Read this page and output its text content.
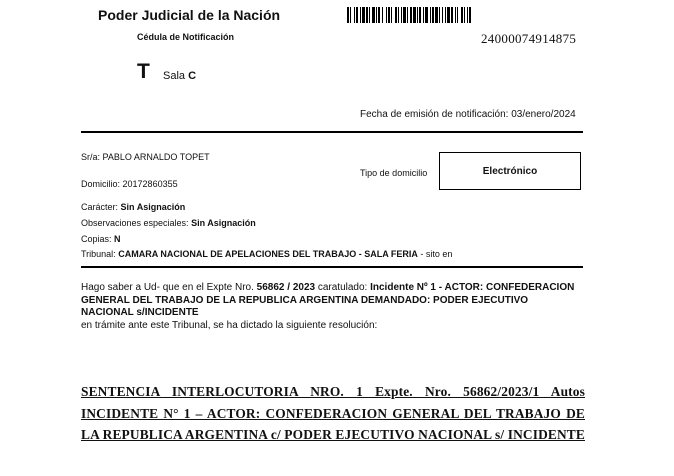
Poder Judicial de la Nación
Cédula de Notificación	24000074914875
T Sala C
Fecha de emisión de notificación: 03/enero/2024
Sr/a: PABLO ARNALDO TOPET
Domicilio: 20172860355
Tipo de domicilio	Electrónico
Carácter: Sin Asignación
Observaciones especiales: Sin Asignación
Copias: N
Tribunal: CAMARA NACIONAL DE APELACIONES DEL TRABAJO - SALA FERIA - sito en
Hago saber a Ud- que en el Expte Nro. 56862 / 2023 caratulado: Incidente Nº 1 - ACTOR: CONFEDERACION GENERAL DEL TRABAJO DE LA REPUBLICA ARGENTINA DEMANDADO: PODER EJECUTIVO NACIONAL s/INCIDENTE
en trámite ante este Tribunal, se ha dictado la siguiente resolución:
SENTENCIA INTERLOCUTORIA NRO. 1 Expte. Nro. 56862/2023/1 Autos INCIDENTE N° 1 – ACTOR: CONFEDERACION GENERAL DEL TRABAJO DE LA REPUBLICA ARGENTINA c/ PODER EJECUTIVO NACIONAL s/ INCIDENTE
